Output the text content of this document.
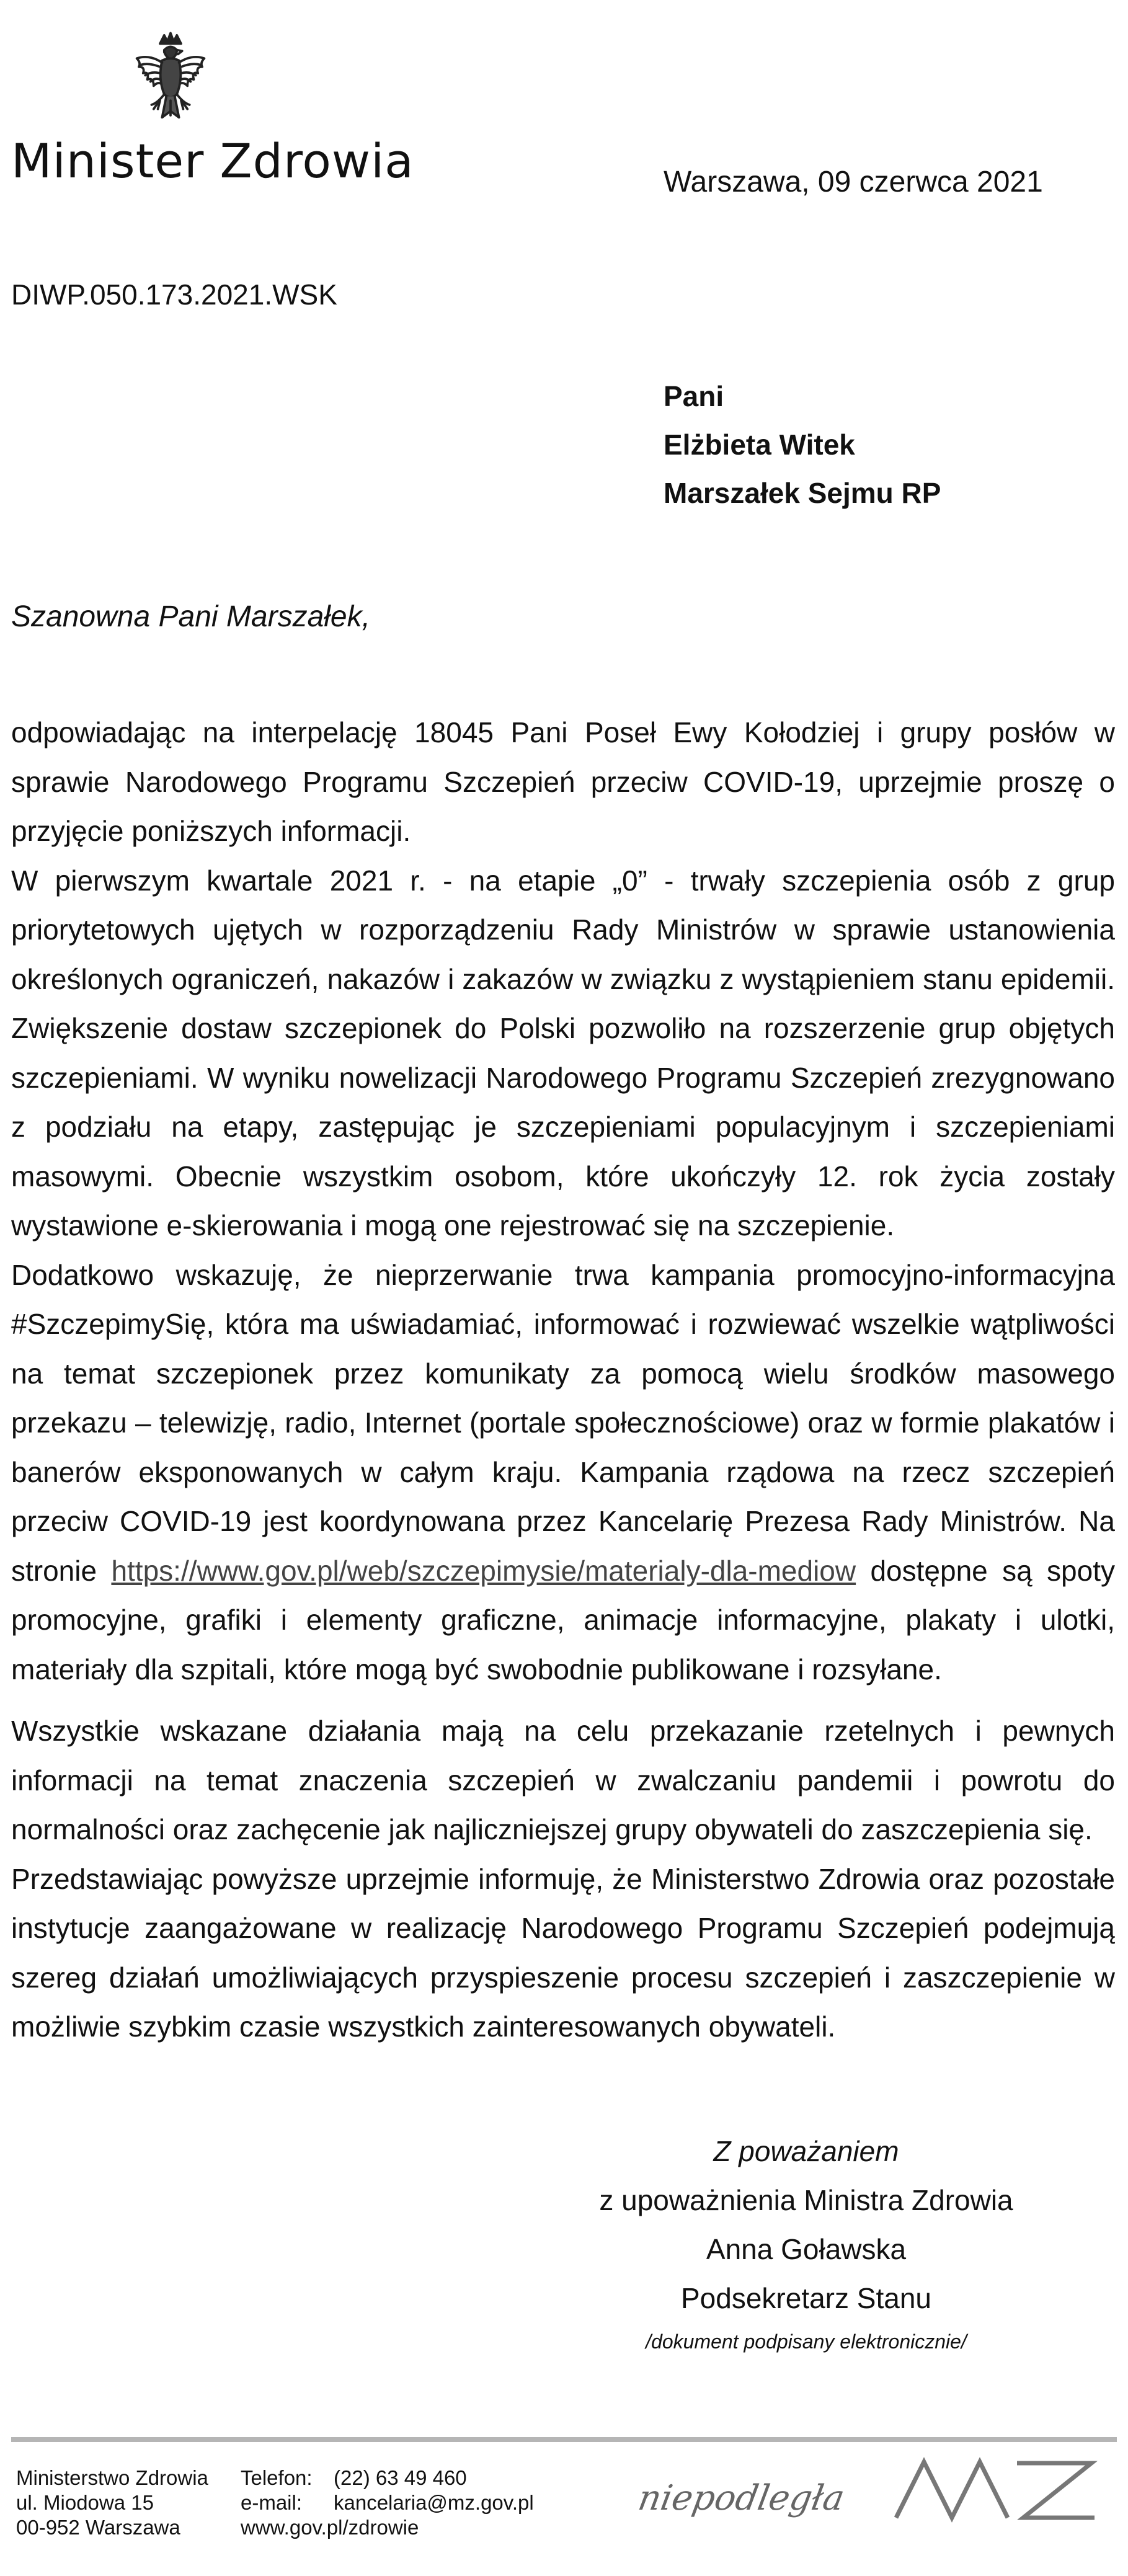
Minister Zdrowia	Warszawa, 09 czerwca 2021
DIWP.050.173.2021.WSK
Pani
Elżbieta Witek
Marszałek Sejmu RP
Szanowna Pani Marszałek,

odpowiadając na interpelację 18045 Pani Poseł Ewy Kołodziej i grupy posłów w sprawie Narodowego Programu Szczepień przeciw COVID-19, uprzejmie proszę o przyjęcie poniższych informacji.

W pierwszym kwartale 2021 r. - na etapie „0” - trwały szczepienia osób z grup priorytetowych ujętych w rozporządzeniu Rady Ministrów w sprawie ustanowienia określonych ograniczeń, nakazów i zakazów w związku z wystąpieniem stanu epidemii. Zwiększenie dostaw szczepionek do Polski pozwoliło na rozszerzenie grup objętych szczepieniami. W wyniku nowelizacji Narodowego Programu Szczepień zrezygnowano z podziału na etapy, zastępując je szczepieniami populacyjnym i szczepieniami masowymi. Obecnie wszystkim osobom, które ukończyły 12. rok życia zostały wystawione e-skierowania i mogą one rejestrować się na szczepienie.

Dodatkowo wskazuję, że nieprzerwanie trwa kampania promocyjno-informacyjna #SzczepimySię, która ma uświadamiać, informować i rozwiewać wszelkie wątpliwości na temat szczepionek przez komunikaty za pomocą wielu środków masowego przekazu – telewizję, radio, Internet (portale społecznościowe) oraz w formie plakatów i banerów eksponowanych w całym kraju. Kampania rządowa na rzecz szczepień przeciw COVID-19 jest koordynowana przez Kancelarię Prezesa Rady Ministrów. Na stronie https://www.gov.pl/web/szczepimysie/materialy-dla-mediow dostępne są spoty promocyjne, grafiki i elementy graficzne, animacje informacyjne, plakaty i ulotki, materiały dla szpitali, które mogą być swobodnie publikowane i rozsyłane.

Wszystkie wskazane działania mają na celu przekazanie rzetelnych i pewnych informacji na temat znaczenia szczepień w zwalczaniu pandemii i powrotu do normalności oraz zachęcenie jak najliczniejszej grupy obywateli do zaszczepienia się.

Przedstawiając powyższe uprzejmie informuję, że Ministerstwo Zdrowia oraz pozostałe instytucje zaangażowane w realizację Narodowego Programu Szczepień podejmują szereg działań umożliwiających przyspieszenie procesu szczepień i zaszczepienie w możliwie szybkim czasie wszystkich zainteresowanych obywateli.

Z poważaniem
z upoważnienia Ministra Zdrowia
Anna Goławska
Podsekretarz Stanu
/dokument podpisany elektronicznie/
Ministerstwo Zdrowia
ul. Miodowa 15
00-952 Warszawa
Telefon: (22) 63 49 460
e-mail: kancelaria@mz.gov.pl
www.gov.pl/zdrowie
niepodległa
